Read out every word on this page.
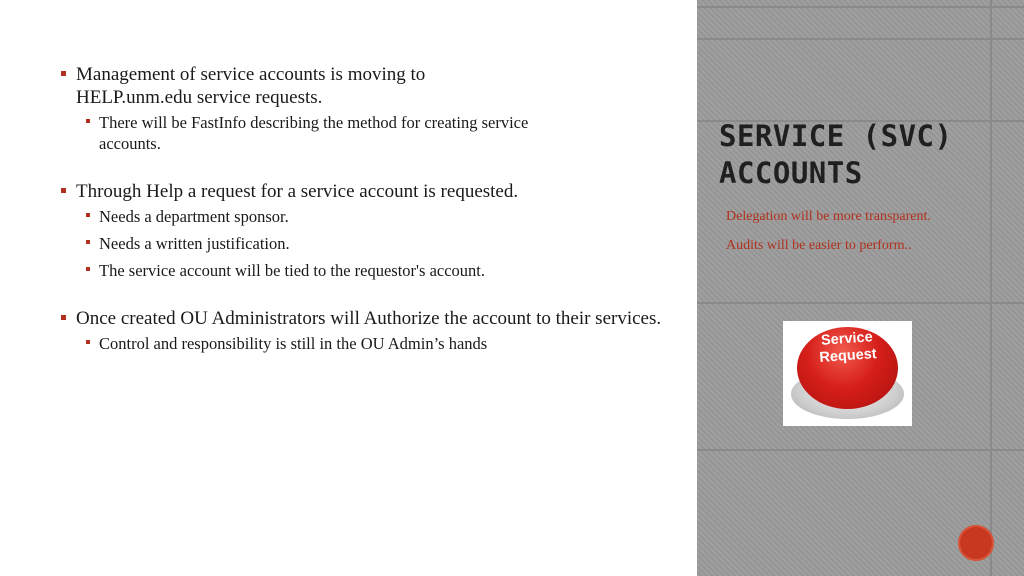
Management of service accounts is moving to HELP.unm.edu service requests.
There will be FastInfo describing the method for creating service accounts.
Through Help a request for a service account is requested.
Needs a department sponsor.
Needs a written justification.
The service account will be tied to the requestor's account.
Once created OU Administrators will Authorize the account to their services.
Control and responsibility is still in the OU Admin’s hands
SERVICE (SVC) ACCOUNTS

Delegation will be more transparent.

Audits will be easier to perform..

Service Request
